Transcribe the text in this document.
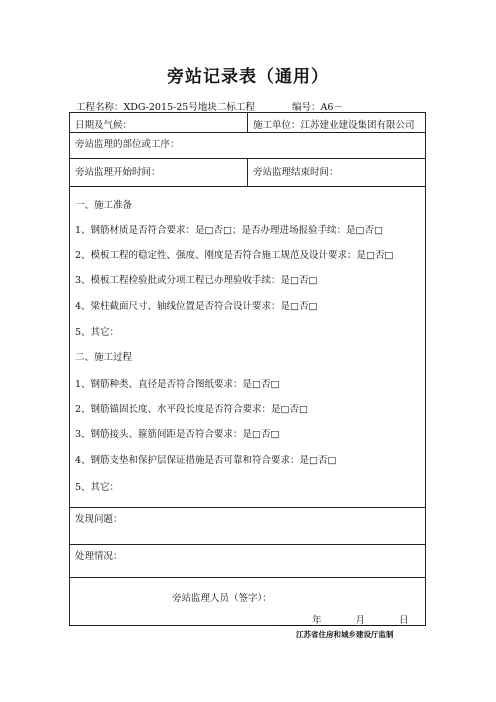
旁站记录表（通用）
工程名称：XDG-2015-25号地块二标工程	编号：A6－
日期及气候：	施工单位：江苏建业建设集团有限公司
旁站监理的部位或工序：
旁站监理开始时间：	旁站监理结束时间：
一、施工准备
1、钢筋材质是否符合要求：是□否□；是否办理进场报验手续：是□否□
2、模板工程的稳定性、强度、刚度是否符合施工规范及设计要求：是□否□
3、模板工程检验批或分项工程已办理验收手续：是□否□
4、梁柱截面尺寸、轴线位置是否符合设计要求：是□否□
5、其它：
二、施工过程
1、钢筋种类、直径是否符合图纸要求：是□否□
2、钢筋锚固长度、水平段长度是否符合要求：是□否□
3、钢筋接头、箍筋间距是否符合要求：是□否□
4、钢筋支垫和保护层保证措施是否可靠和符合要求：是□否□
5、其它：
发现问题：
处理情况：
旁站监理人员（签字）：
年	月	日
江苏省住房和城乡建设厅监制
